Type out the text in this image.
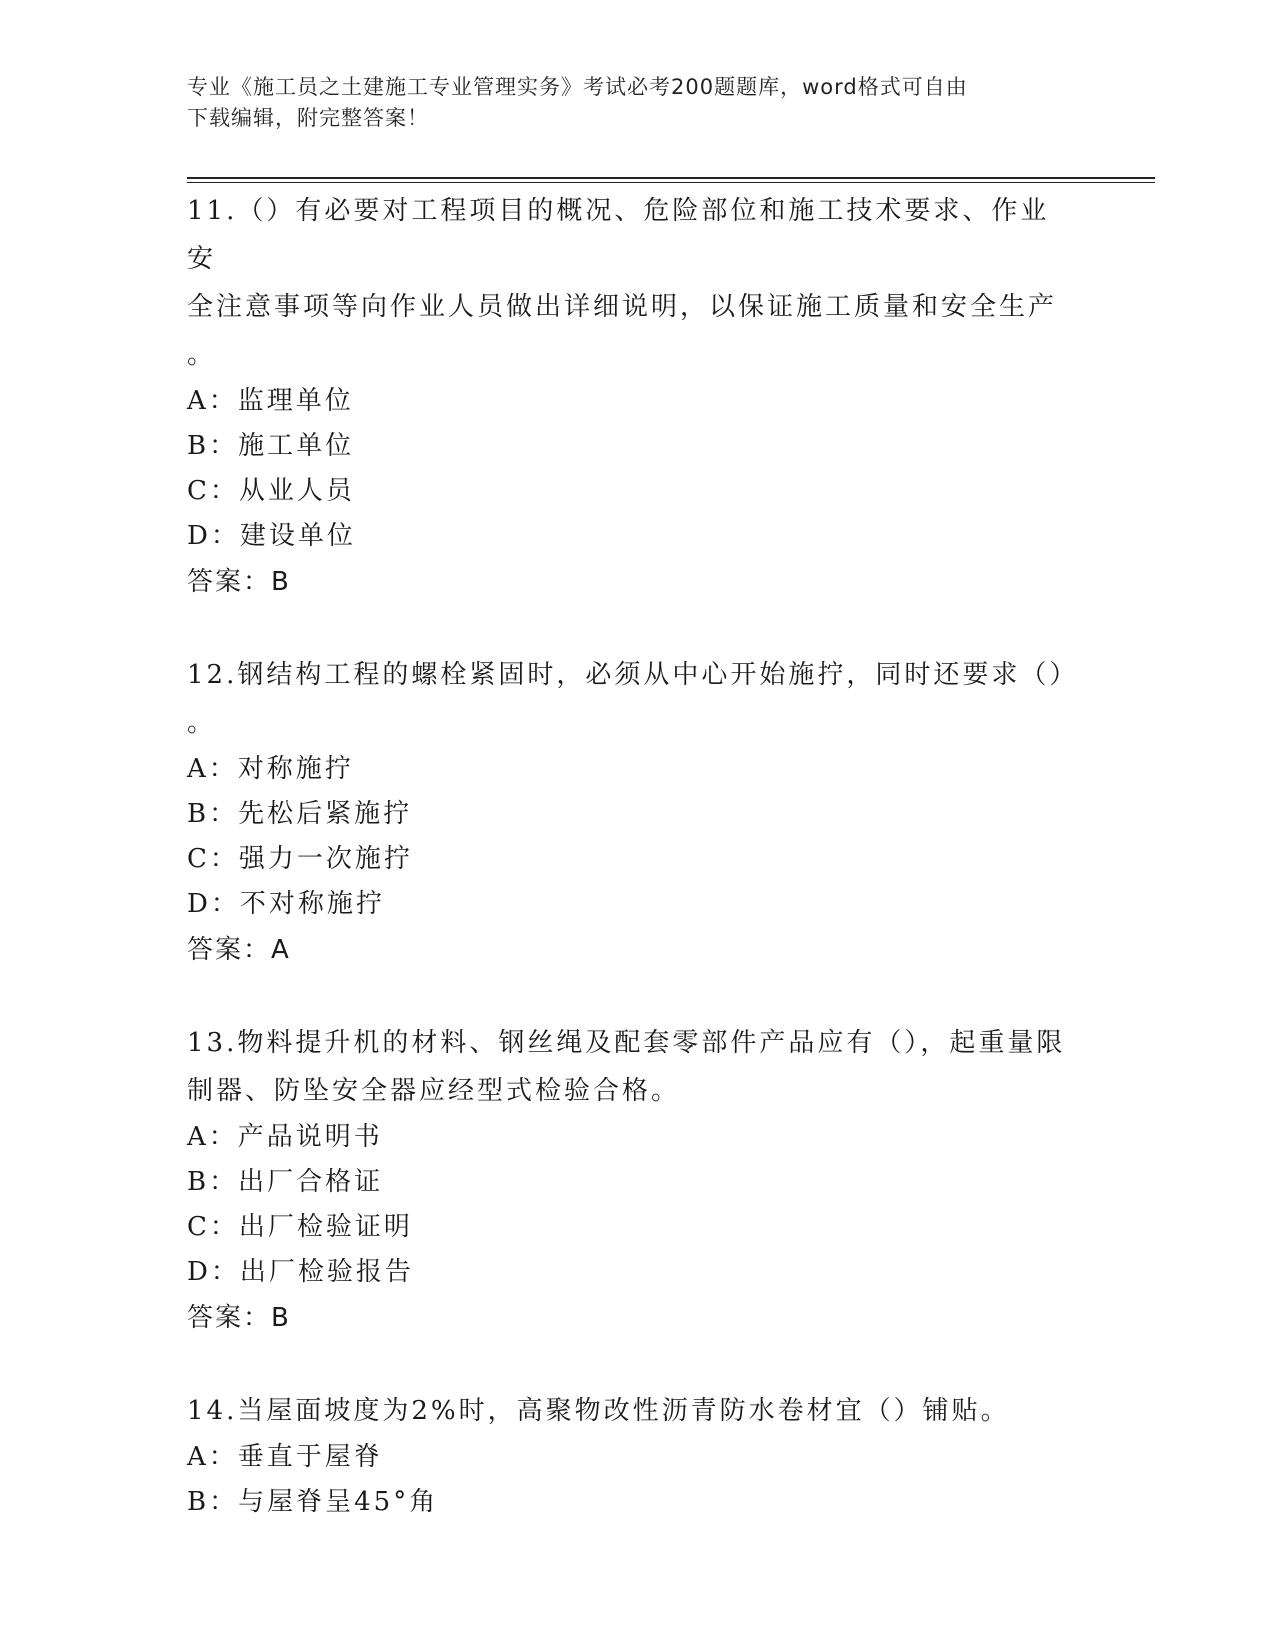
专业《施工员之土建施工专业管理实务》考试必考200题题库，word格式可自由
下载编辑，附完整答案！

11.（）有必要对工程项目的概况、危险部位和施工技术要求、作业安

全注意事项等向作业人员做出详细说明，以保证施工质量和安全生产

。

A：监理单位

B：施工单位

C：从业人员

D：建设单位

答案：B

12.钢结构工程的螺栓紧固时，必须从中心开始施拧，同时还要求（）

。

A：对称施拧

B：先松后紧施拧

C：强力一次施拧

D：不对称施拧

答案：A

13.物料提升机的材料、钢丝绳及配套零部件产品应有（），起重量限

制器、防坠安全器应经型式检验合格。

A：产品说明书

B：出厂合格证

C：出厂检验证明

D：出厂检验报告

答案：B

14.当屋面坡度为2%时，高聚物改性沥青防水卷材宜（）铺贴。

A：垂直于屋脊

B：与屋脊呈45°角
